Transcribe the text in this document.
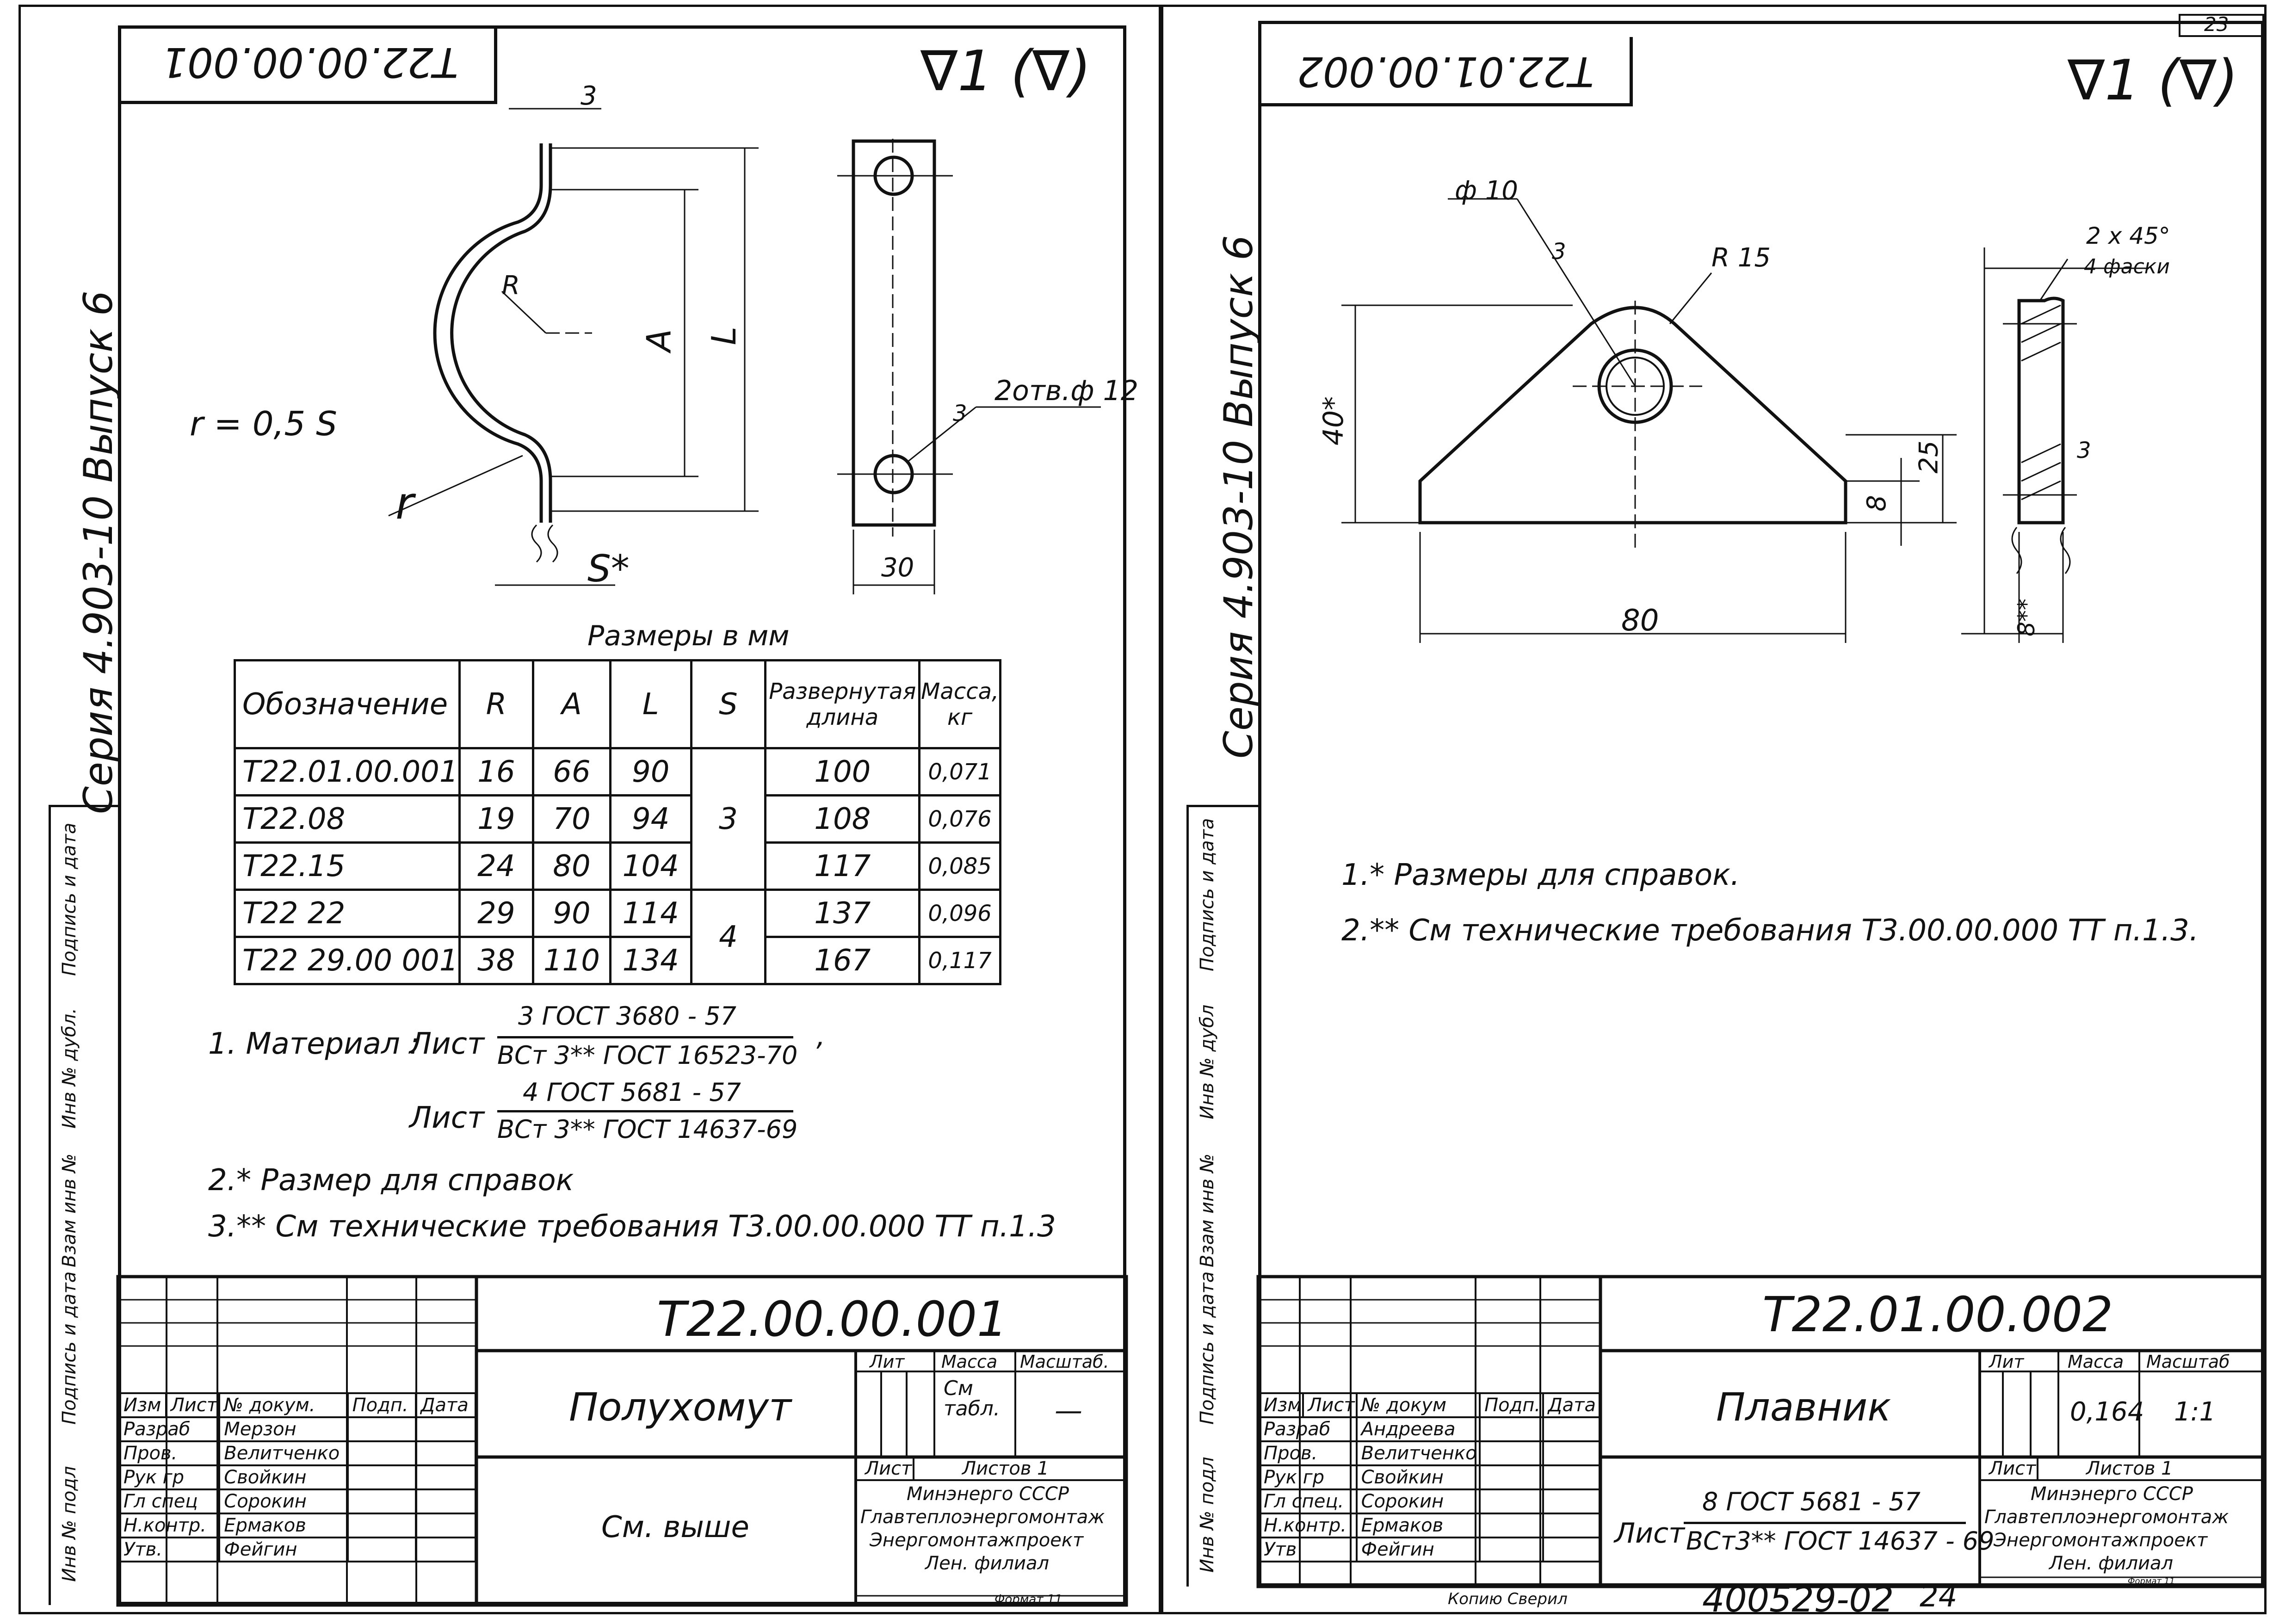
Т22.00.00.001	∇1 (∇)
Серия 4.903-10 Выпуск 6
Подпись и дата
Инв № дубл.
Взам инв №
Подпись и дата
Инв № подл
3
R
A L
r
S*
r = 0,5 S
2отв.ф 12
3
30
Размеры в мм
Обозначение	R	A	L	S	Развернутая длина	Масса, кг
Т22.01.00.001	16	66	90	3	100	0,071
Т22.08	19	70	94		108	0,076
Т22.15	24	80	104		117	0,085
Т22 22	29	90	114	4	137	0,096
Т22 29.00 001	38	110	134		167	0,117
1. Материал :
Лист
3 ГОСТ 3680 - 57
ВСт 3** ГОСТ 16523-70
,
Лист
4 ГОСТ 5681 - 57
ВСт 3** ГОСТ 14637-69
2.* Размер для справок
3.** См технические требования Т3.00.00.000 ТТ п.1.3
Т22.00.00.001
Полухомут
См. выше
Лит Масса Масштаб.
См табл.	—
Лист	Листов 1
Минэнерго СССР
Главтеплоэнергомонтаж
Энергомонтажпроект
Лен. филиал
Формат 11
Изм	Лист	№ докум.	Подп.	Дата
Разраб		Мерзон		
Пров.		Велитченко		
Рук гр		Свойкин		
Гл спец		Сорокин		
Н.контр.		Ермаков		
Утв.		Фейгин		
23
Т22.01.00.002	∇1 (∇)
Серия 4.903-10 Выпуск 6
Подпись и дата
Инв № дубл
Взам инв №
Подпись и дата
Инв № подл
ф 10
3	R 15
40*
25
8
80
2 x 45°
4 фаски
8**
3
1.* Размеры для справок.
2.** См технические требования Т3.00.00.000 ТТ п.1.3.
Т22.01.00.002
Плавник
Лист
8 ГОСТ 5681 - 57
ВСт3** ГОСТ 14637 - 69
Лит Масса Масштаб
0,164 1:1
Лист	Листов 1
Минэнерго СССР
Главтеплоэнергомонтаж
Энергомонтажпроект
Лен. филиал
Формат 11
Изм	Лист	№ докум	Подп.	Дата
Разраб		Андреева		
Пров.		Велитченко		
Рук гр		Свойкин		
Гл спец.		Сорокин		
Н.контр.		Ермаков		
Утв		Фейгин		
Копию Сверил	400529-02 24
